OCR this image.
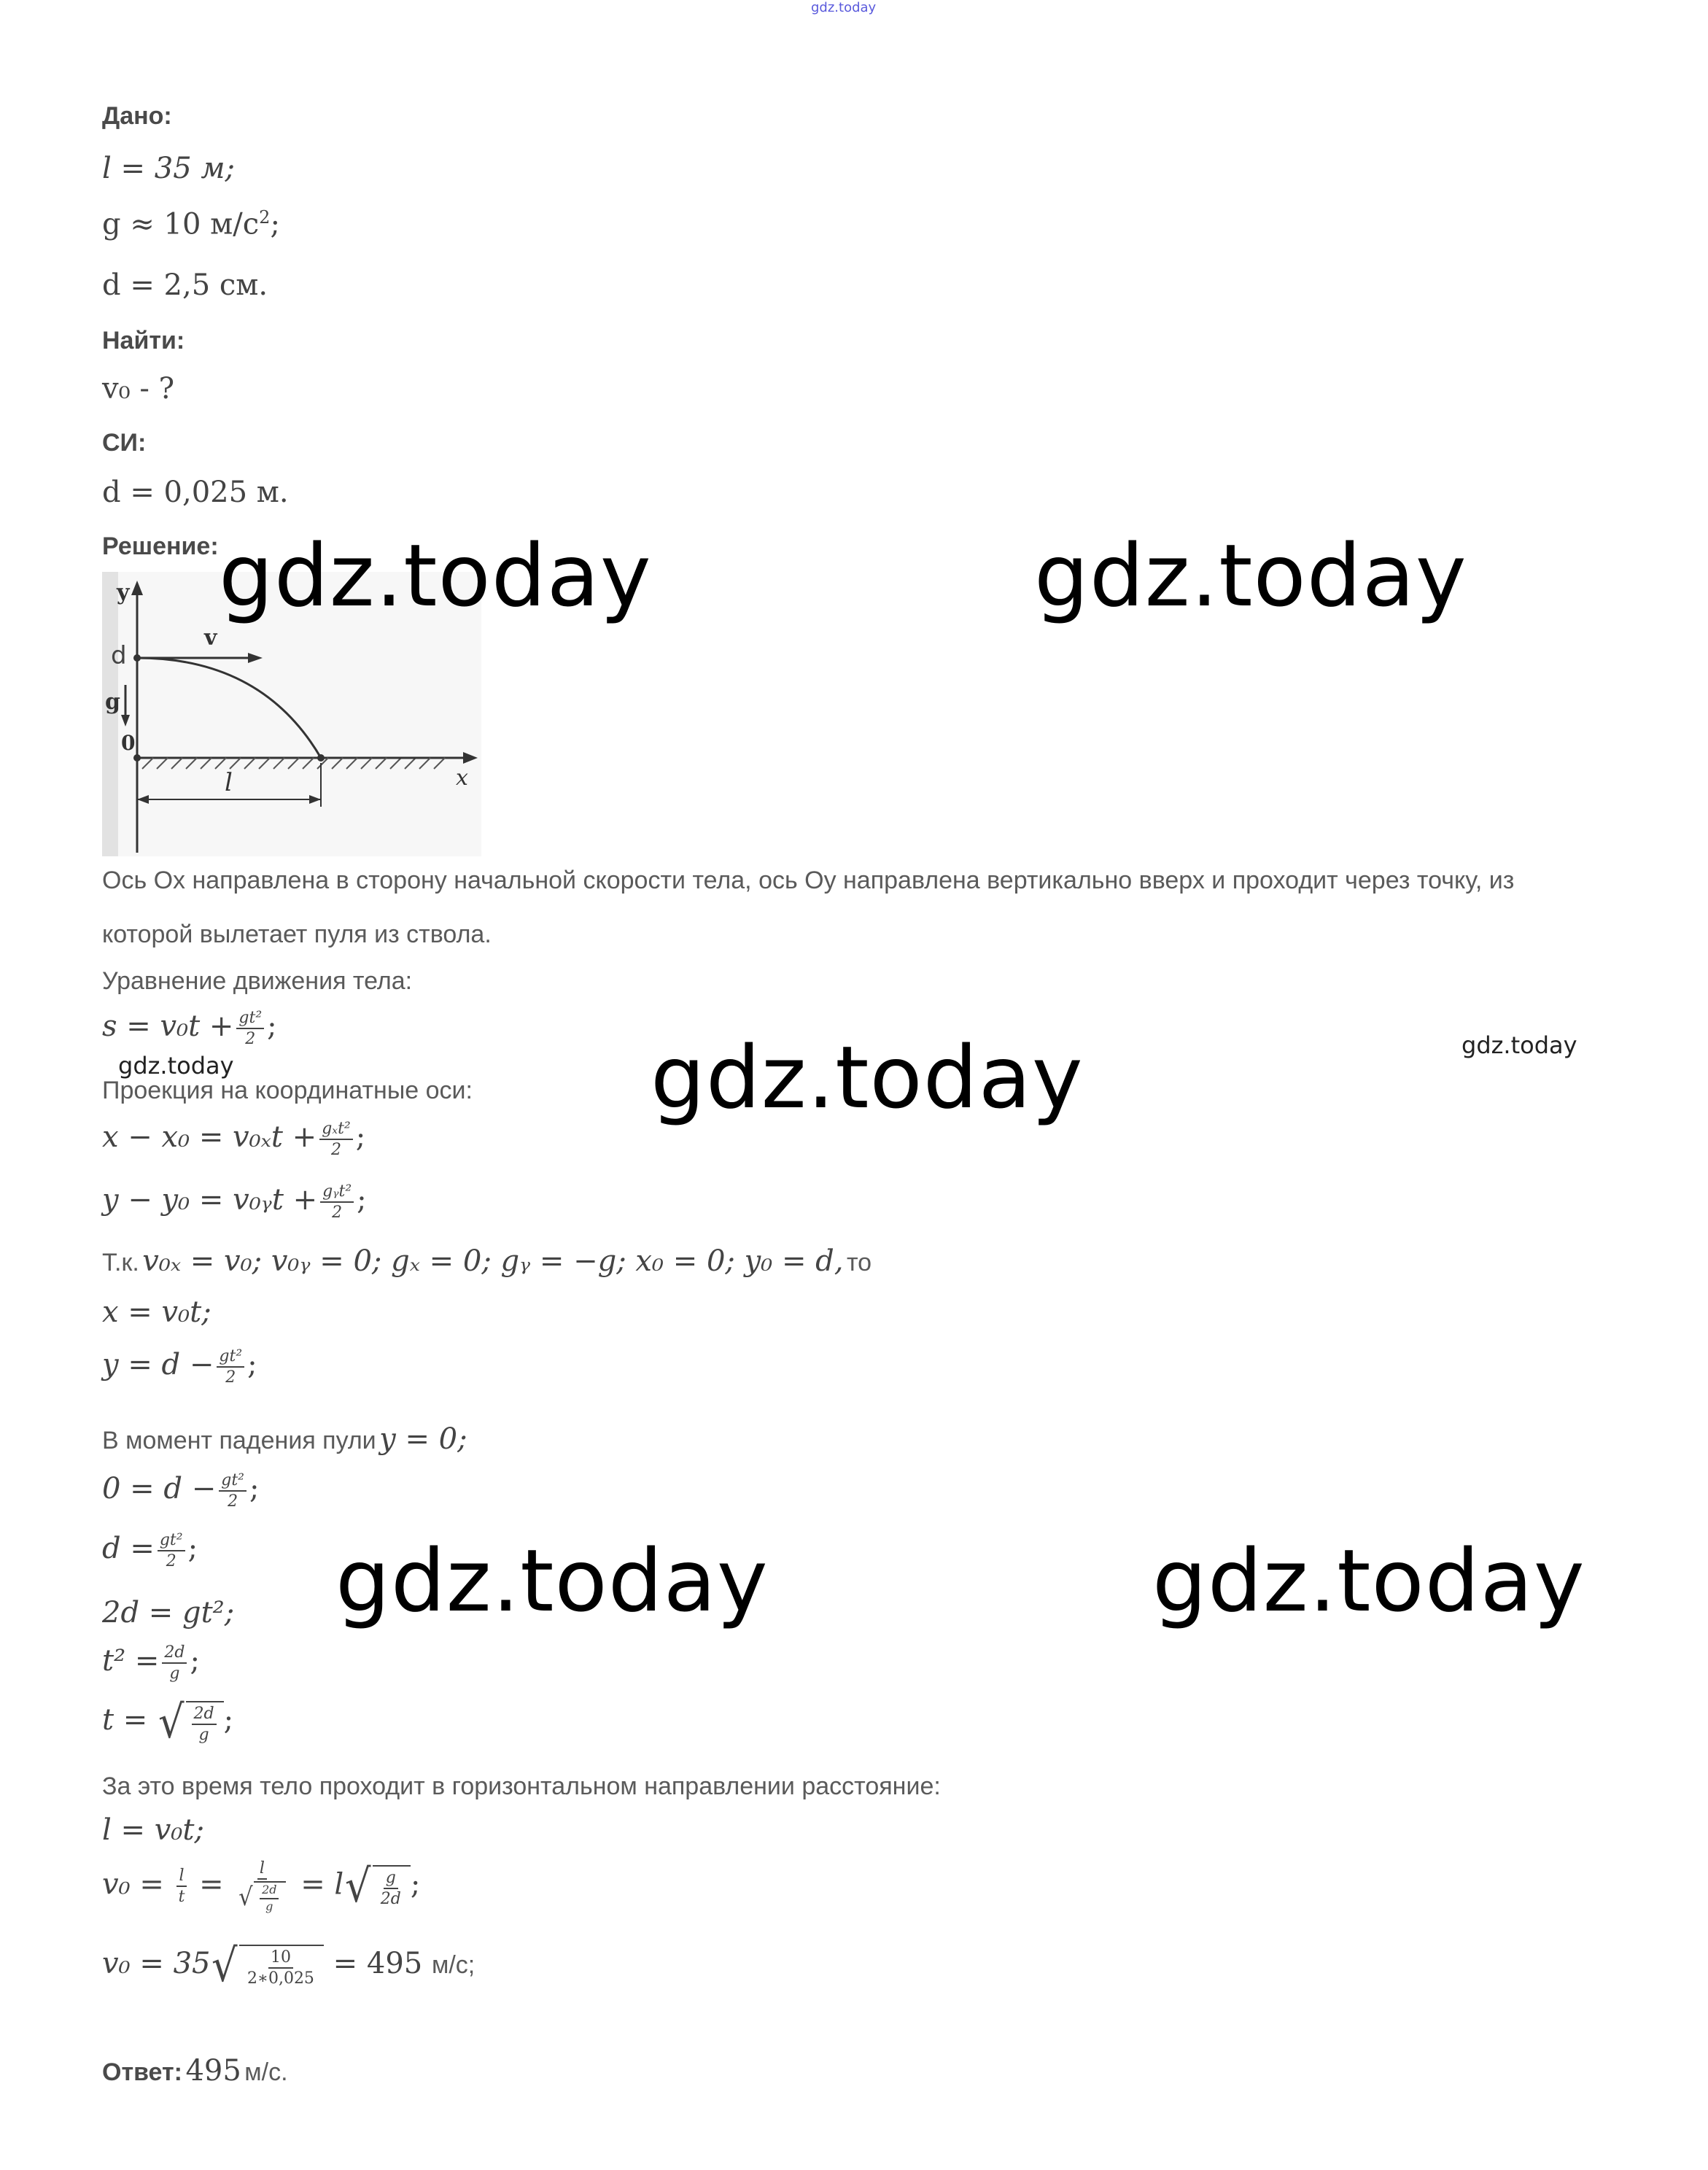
gdz.today
Дано:
l = 35 м;
g ≈ 10 $м/с^2$;
d = 2,5 см.
Найти:
v₀ - ?
СИ:
d = 0,025 м.
Решение:
y
d
v
g
0
x
l
Ось Ox направлена в сторону начальной скорости тела, ось Oy направлена вертикально вверх и проходит через точку, из
которой вылетает пуля из ствола.
Уравнение движения тела:
$s = v_0t + \frac{\text{gt²}}{2}$ ;
Проекция на координатные оси:
$x - x_0 = v_{0x}t + \frac{\text{gₓt²}}{2}$ ;
y − y₀ = v₀ᵧt + $\frac{\text{gᵧt²}}{2}$ ;
Т.к. v₀ₓ = v₀; v₀ᵧ = 0; gₓ = 0; gᵧ = −g; x₀ = 0; y₀ = d, то
x = v₀t;
$y = d - \frac{\text{gt²}}{2}$ ;
В момент падения пули y = 0;
$0 = d - \frac{\text{gt²}}{2}$ ;
$d = \frac{\text{gt²}}{2}$ ;
2d = gt²;
$t^2 = \frac{2d}{g}$ ;
t = √ $\frac{2d}{g}$ ;
За это время тело проходит в горизонтальном направлении расстояние:
l = v₀t;
$v_0 = \frac{l}{t} = \frac{l}{√ \frac{2d}{g}} = l$ √ $\frac{g}{2d}$ ;
v₀ = 35 √ $\frac{10}{2∗0,025} = 495$ м/с;
Ответ: 495 м/с.
gdz.today	gdz.today
gdz.today
gdz.today	gdz.today
gdz.today
gdz.today
